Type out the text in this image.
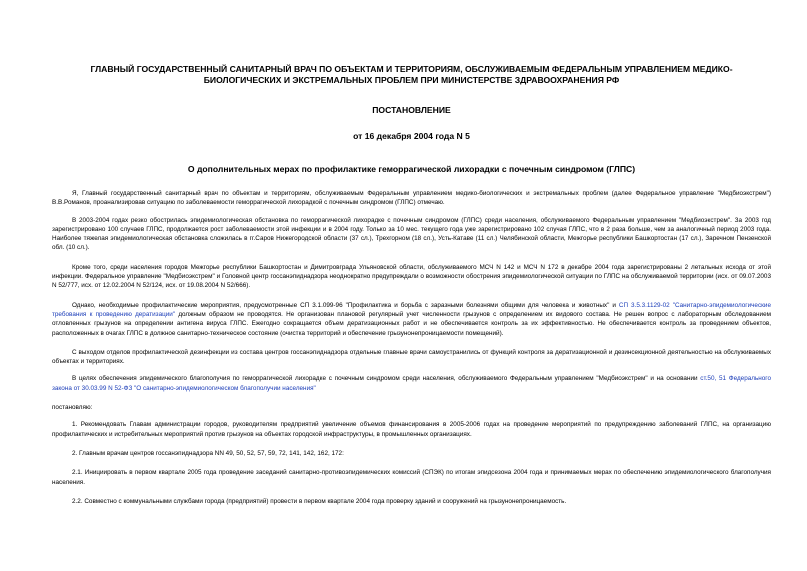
ГЛАВНЫЙ ГОСУДАРСТВЕННЫЙ САНИТАРНЫЙ ВРАЧ ПО ОБЪЕКТАМ И ТЕРРИТОРИЯМ, ОБСЛУЖИВАЕМЫМ ФЕДЕРАЛЬНЫМ УПРАВЛЕНИЕМ МЕДИКО-БИОЛОГИЧЕСКИХ И ЭКСТРЕМАЛЬНЫХ ПРОБЛЕМ ПРИ МИНИСТЕРСТВЕ ЗДРАВООХРАНЕНИЯ РФ
ПОСТАНОВЛЕНИЕ
от 16 декабря 2004 года N 5
О дополнительных мерах по профилактике геморрагической лихорадки с почечным синдромом (ГЛПС)

Я, Главный государственный санитарный врач по объектам и территориям, обслуживаемым Федеральным управлением медико-биологических и экстремальных проблем (далее Федеральное управление "Медбиоэкстрем") В.В.Романов, проанализировав ситуацию по заболеваемости геморрагической лихорадкой с почечным синдромом (ГЛПС) отмечаю.

В 2003-2004 годах резко обострилась эпидемиологическая обстановка по геморрагической лихорадке с почечным синдромом (ГЛПС) среди населения, обслуживаемого Федеральным управлением "Медбиоэкстрем". За 2003 год зарегистрировано 100 случаев ГЛПС, продолжается рост заболеваемости этой инфекции и в 2004 году. Только за 10 мес. текущего года уже зарегистрировано 102 случая ГЛПС, что в 2 раза больше, чем за аналогичный период 2003 года. Наиболее тяжелая эпидемиологическая обстановка сложилась в гг.Саров Нижегородской области (37 сл.), Трехгорном (18 сл.), Усть-Катаве (11 сл.) Челябинской области, Межгорье республики Башкортостан (17 сл.), Заречном Пензенской обл. (10 сл.).

Кроме того, среди населения городов Межгорье республики Башкортостан и Димитровграда Ульяновской области, обслуживаемого МСЧ N 142 и МСЧ N 172 в декабре 2004 года зарегистрированы 2 летальных исхода от этой инфекции. Федеральное управление "Медбиоэкстрем" и Головной центр госсанэпиднадзора неоднократно предупреждали о возможности обострения эпидемиологической ситуации по ГЛПС на обслуживаемой территории (исх. от 09.07.2003 N 52/777, исх. от 12.02.2004 N 52/124, исх. от 19.08.2004 N 52/666).

Однако, необходимые профилактические мероприятия, предусмотренные СП 3.1.099-96 "Профилактика и борьба с заразными болезнями общими для человека и животных" и СП 3.5.3.1129-02 "Санитарно-эпидемиологические требования к проведению дератизации" должным образом не проводятся. Не организован плановой регулярный учет численности грызунов с определением их видового состава. Не решен вопрос с лабораторным обследованием отловленных грызунов на определении антигена вируса ГЛПС. Ежегодно сокращается объем дератизационных работ и не обеспечивается контроль за их эффективностью. Не обеспечивается контроль за проведением объектов, расположенных в очагах ГЛПС в должное санитарно-техническое состояние (очистка территорий и обеспечение грызунонепроницаемости помещений).

С выходом отделов профилактической дезинфекции из состава центров госсанэпиднадзора отдельные главные врачи самоустранились от функций контроля за дератизационной и дезинсекционной деятельностью на обслуживаемых объектах и территориях.

В целях обеспечения эпидемического благополучия по геморрагической лихорадке с почечным синдромом среди населения, обслуживаемого Федеральным управлением "Медбиоэкстрем" и на основании ст.50, 51 Федерального закона от 30.03.99 N 52-ФЗ "О санитарно-эпидемиологическом благополучии населения"

постановляю:

1. Рекомендовать Главам администрации городов, руководителям предприятий увеличение объемов финансирования в 2005-2006 годах на проведение мероприятий по предупреждению заболеваний ГЛПС, на организацию профилактических и истребительных мероприятий против грызунов на объектах городской инфраструктуры, в промышленных организациях.

2. Главным врачам центров госсанэпиднадзора NN 49, 50, 52, 57, 59, 72, 141, 142, 162, 172:

2.1. Инициировать в первом квартале 2005 года проведение заседаний санитарно-противоэпидемических комиссий (СПЭК) по итогам эпидсезона 2004 года и принимаемых мерах по обеспечению эпидемиологического благополучия населения.

2.2. Совместно с коммунальными службами города (предприятий) провести в первом квартале 2004 года проверку зданий и сооружений на грызунонепроницаемость.
